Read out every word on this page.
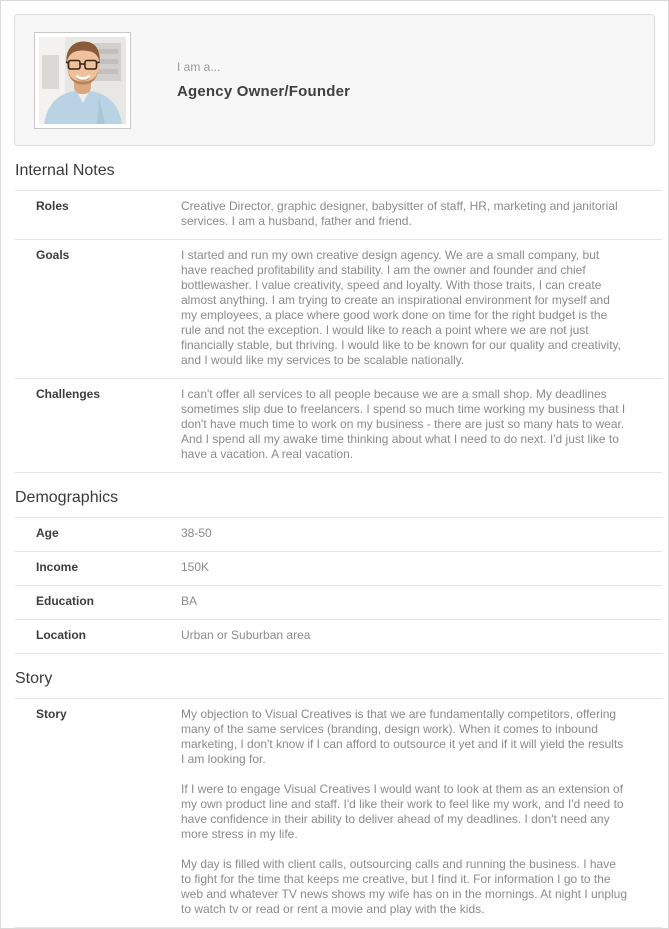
I am a...
Agency Owner/Founder
Internal Notes
Roles	Creative Director, graphic designer, babysitter of staff, HR, marketing and janitorial services. I am a husband, father and friend.
Goals	I started and run my own creative design agency. We are a small company, but have reached profitability and stability. I am the owner and founder and chief bottlewasher. I value creativity, speed and loyalty. With those traits, I can create almost anything. I am trying to create an inspirational environment for myself and my employees, a place where good work done on time for the right budget is the rule and not the exception. I would like to reach a point where we are not just financially stable, but thriving. I would like to be known for our quality and creativity, and I would like my services to be scalable nationally.
Challenges	I can't offer all services to all people because we are a small shop. My deadlines sometimes slip due to freelancers. I spend so much time working my business that I don't have much time to work on my business - there are just so many hats to wear. And I spend all my awake time thinking about what I need to do next. I'd just like to have a vacation. A real vacation.
Demographics
Age	38-50
Income	150K
Education	BA
Location	Urban or Suburban area
Story
Story	My objection to Visual Creatives is that we are fundamentally competitors, offering many of the same services (branding, design work). When it comes to inbound marketing, I don't know if I can afford to outsource it yet and if it will yield the results I am looking for.

If I were to engage Visual Creatives I would want to look at them as an extension of my own product line and staff. I'd like their work to feel like my work, and I'd need to have confidence in their ability to deliver ahead of my deadlines. I don't need any more stress in my life.

My day is filled with client calls, outsourcing calls and running the business. I have to fight for the time that keeps me creative, but I find it. For information I go to the web and whatever TV news shows my wife has on in the mornings. At night I unplug to watch tv or read or rent a movie and play with the kids.
